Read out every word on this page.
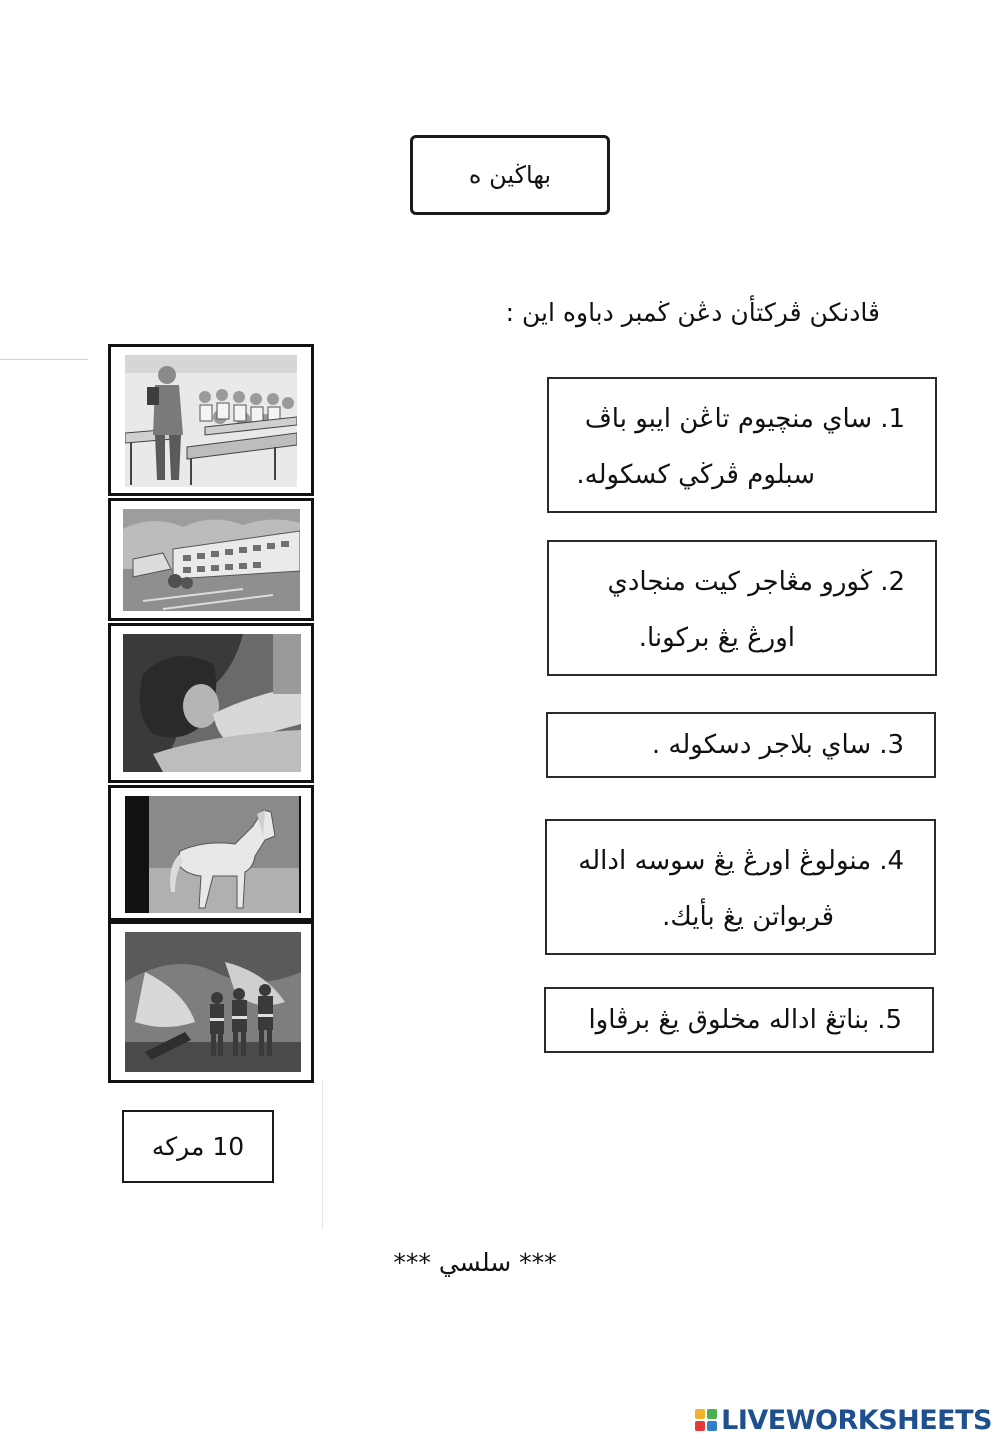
بهاڬين ه
ڤادنكن ڤركتأن دڠن ڬمبر دباوه اين :
1.ساي منچيوم تاڠن ايبو باڤ
سبلوم ڤرڬي كسكوله.
2.ڬورو مڠاجر كيت منجادي
اورڠ يڠ بركونا.
3.
ساي بلاجر دسكوله .
4.منولوڠ اورڠ يڠ سوسه اداله
ڤربواتن يڠ بأيك.
5.
بناتڠ اداله مخلوق يڠ برڤاوا
10 مركه
*** سلسي ***
LIVEWORKSHEETS
